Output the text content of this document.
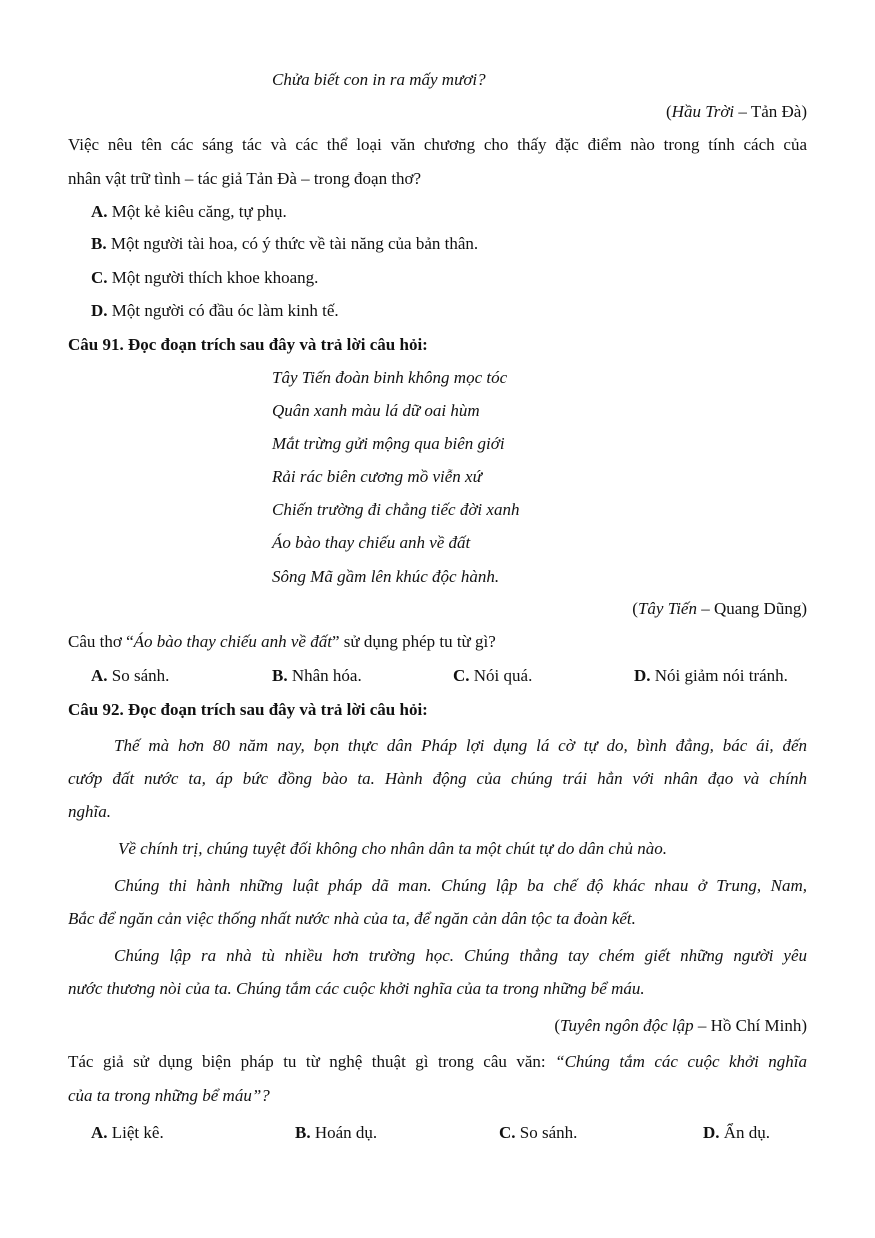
Chửa biết con in ra mấy mươi?
(Hầu Trời – Tản Đà)
Việc nêu tên các sáng tác và các thể loại văn chương cho thấy đặc điểm nào trong tính cách của
nhân vật trữ tình – tác giả Tản Đà – trong đoạn thơ?
A. Một kẻ kiêu căng, tự phụ.
B. Một người tài hoa, có ý thức về tài năng của bản thân.
C. Một người thích khoe khoang.
D. Một người có đầu óc làm kinh tế.
Câu 91. Đọc đoạn trích sau đây và trả lời câu hỏi:
Tây Tiến đoàn binh không mọc tóc
Quân xanh màu lá dữ oai hùm
Mắt trừng gửi mộng qua biên giới
Rải rác biên cương mồ viễn xứ
Chiến trường đi chẳng tiếc đời xanh
Áo bào thay chiếu anh về đất
Sông Mã gầm lên khúc độc hành.
(Tây Tiến – Quang Dũng)
Câu thơ “Áo bào thay chiếu anh về đất” sử dụng phép tu từ gì?
A. So sánh.	B. Nhân hóa.	C. Nói quá.	D. Nói giảm nói tránh.
Câu 92. Đọc đoạn trích sau đây và trả lời câu hỏi:
Thế mà hơn 80 năm nay, bọn thực dân Pháp lợi dụng lá cờ tự do, bình đẳng, bác ái, đến
cướp đất nước ta, áp bức đồng bào ta. Hành động của chúng trái hẳn với nhân đạo và chính
nghĩa.
Về chính trị, chúng tuyệt đối không cho nhân dân ta một chút tự do dân chủ nào.
Chúng thi hành những luật pháp dã man. Chúng lập ba chế độ khác nhau ở Trung, Nam,
Bắc để ngăn cản việc thống nhất nước nhà của ta, để ngăn cản dân tộc ta đoàn kết.
Chúng lập ra nhà tù nhiều hơn trường học. Chúng thẳng tay chém giết những người yêu
nước thương nòi của ta. Chúng tắm các cuộc khởi nghĩa của ta trong những bể máu.
(Tuyên ngôn độc lập – Hồ Chí Minh)
Tác giả sử dụng biện pháp tu từ nghệ thuật gì trong câu văn: “Chúng tắm các cuộc khởi nghĩa
của ta trong những bể máu”?
A. Liệt kê.	B. Hoán dụ.	C. So sánh.	D. Ẩn dụ.
